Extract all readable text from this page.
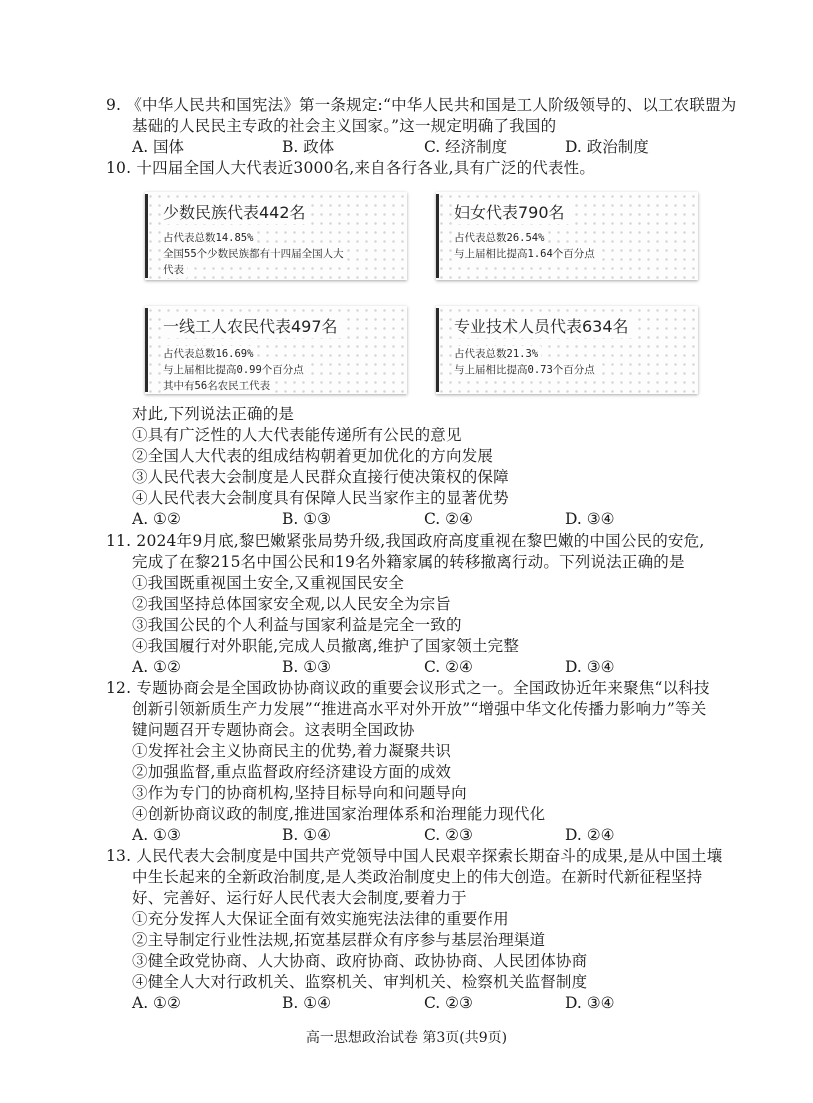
9. 《中华人民共和国宪法》第一条规定:“中华人民共和国是工人阶级领导的、以工农联盟为
基础的人民民主专政的社会主义国家。”这一规定明确了我国的
A. 国体	B. 政体	C. 经济制度	D. 政治制度
10. 十四届全国人大代表近3000名,来自各行各业,具有广泛的代表性。
少数民族代表442名
占代表总数14.85%
全国55个少数民族都有十四届全国人大
代表
妇女代表790名
占代表总数26.54%
与上届相比提高1.64个百分点
一线工人农民代表497名
占代表总数16.69%
与上届相比提高0.99个百分点
其中有56名农民工代表
专业技术人员代表634名
占代表总数21.3%
与上届相比提高0.73个百分点
对此,下列说法正确的是
①具有广泛性的人大代表能传递所有公民的意见
②全国人大代表的组成结构朝着更加优化的方向发展
③人民代表大会制度是人民群众直接行使决策权的保障
④人民代表大会制度具有保障人民当家作主的显著优势
A. ①②	B. ①③	C. ②④	D. ③④
11. 2024年9月底,黎巴嫩紧张局势升级,我国政府高度重视在黎巴嫩的中国公民的安危,
完成了在黎215名中国公民和19名外籍家属的转移撤离行动。下列说法正确的是
①我国既重视国土安全,又重视国民安全
②我国坚持总体国家安全观,以人民安全为宗旨
③我国公民的个人利益与国家利益是完全一致的
④我国履行对外职能,完成人员撤离,维护了国家领土完整
A. ①②	B. ①③	C. ②④	D. ③④
12. 专题协商会是全国政协协商议政的重要会议形式之一。全国政协近年来聚焦“以科技
创新引领新质生产力发展”“推进高水平对外开放”“增强中华文化传播力影响力”等关
键问题召开专题协商会。这表明全国政协
①发挥社会主义协商民主的优势,着力凝聚共识
②加强监督,重点监督政府经济建设方面的成效
③作为专门的协商机构,坚持目标导向和问题导向
④创新协商议政的制度,推进国家治理体系和治理能力现代化
A. ①③	B. ①④	C. ②③	D. ②④
13. 人民代表大会制度是中国共产党领导中国人民艰辛探索长期奋斗的成果,是从中国土壤
中生长起来的全新政治制度,是人类政治制度史上的伟大创造。在新时代新征程坚持
好、完善好、运行好人民代表大会制度,要着力于
①充分发挥人大保证全面有效实施宪法法律的重要作用
②主导制定行业性法规,拓宽基层群众有序参与基层治理渠道
③健全政党协商、人大协商、政府协商、政协协商、人民团体协商
④健全人大对行政机关、监察机关、审判机关、检察机关监督制度
A. ①②	B. ①④	C. ②③	D. ③④
高一思想政治试卷 第3页(共9页)
